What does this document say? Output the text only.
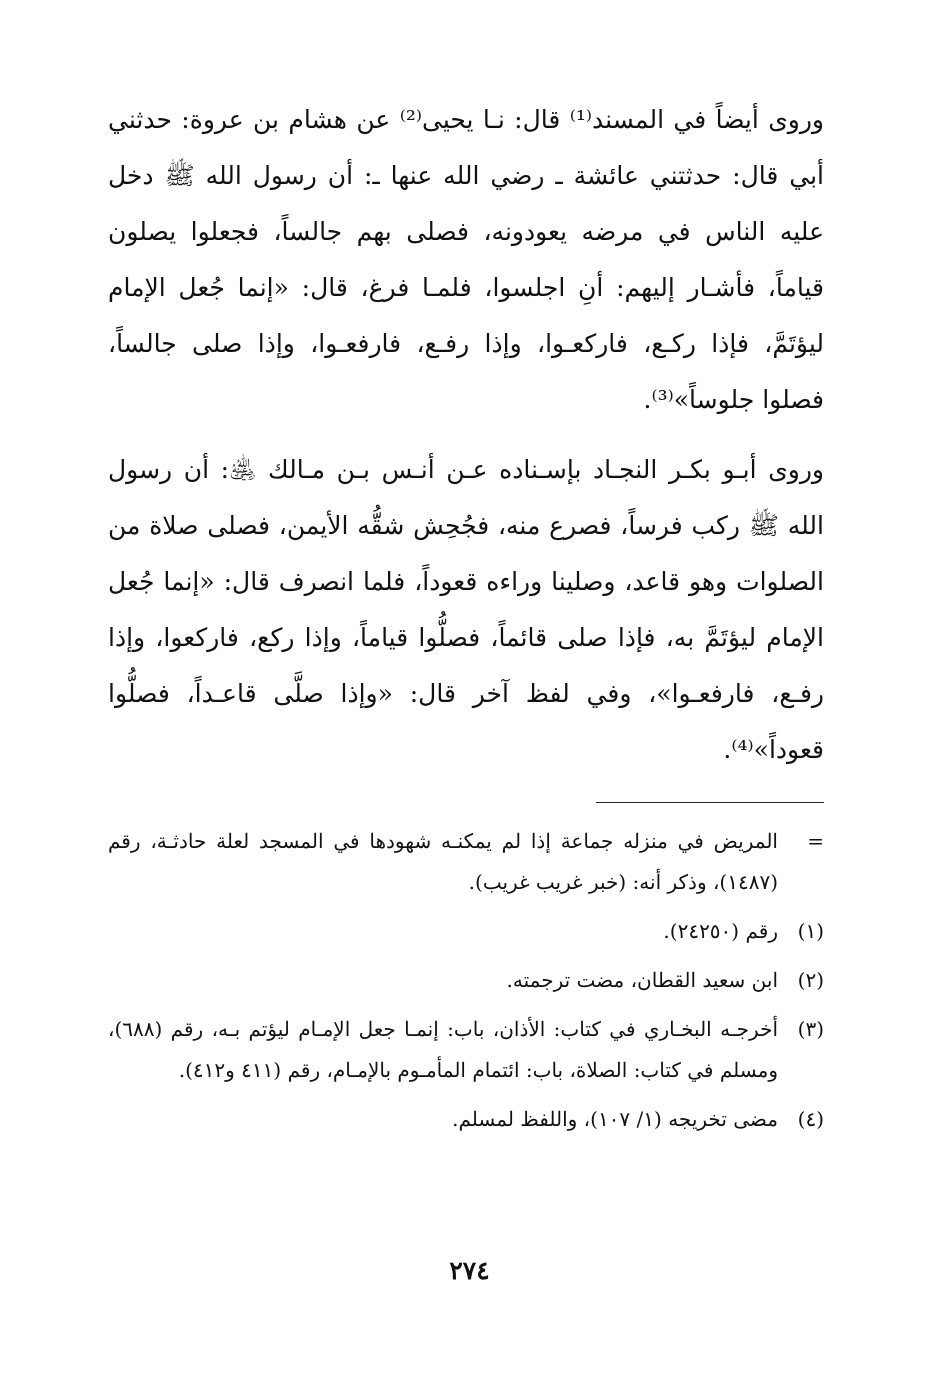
وروى أيضاً في المسند⁽¹⁾ قال: نـا يحيى⁽²⁾ عن هشام بن عروة: حدثني أبي قال: حدثتني عائشة ـ رضي الله عنها ـ: أن رسول الله ﷺ دخل عليه الناس في مرضه يعودونه، فصلى بهم جالساً، فجعلوا يصلون قياماً، فأشـار إليهم: أنِ اجلسوا، فلمـا فرغ، قال: «إنما جُعل الإمام ليؤتَمَّ، فإذا ركـع، فاركعـوا، وإذا رفـع، فارفعـوا، وإذا صلى جالساً، فصلوا جلوساً»⁽³⁾.

وروى أبـو بكـر النجـاد بإسـناده عـن أنـس بـن مـالك ﵁: أن رسول الله ﷺ ركب فرساً، فصرع منه، فجُحِش شقُّه الأيمن، فصلى صلاة من الصلوات وهو قاعد، وصلينا وراءه قعوداً، فلما انصرف قال: «إنما جُعل الإمام ليؤتَمَّ به، فإذا صلى قائماً، فصلُّوا قياماً، وإذا ركع، فاركعوا، وإذا رفـع، فارفعـوا»، وفي لفظ آخر قال: «وإذا صلَّى قاعـداً، فصلُّوا قعوداً»⁽⁴⁾.

=
المريض في منزله جماعة إذا لم يمكنـه شهودها في المسجد لعلة حادثـة، رقم (١٤٨٧)، وذكر أنه: (خبر غريب غريب).
(١)
رقم (٢٤٢٥٠).
(٢)
ابن سعيد القطان، مضت ترجمته.
(٣)
أخرجـه البخـاري في كتاب: الأذان، باب: إنمـا جعل الإمـام ليؤتم بـه، رقم (٦٨٨)، ومسلم في كتاب: الصلاة، باب: ائتمام المأمـوم بالإمـام، رقم (٤١١ و٤١٢).
(٤)
مضى تخريجه (١/ ١٠٧)، واللفظ لمسلم.
٢٧٤
